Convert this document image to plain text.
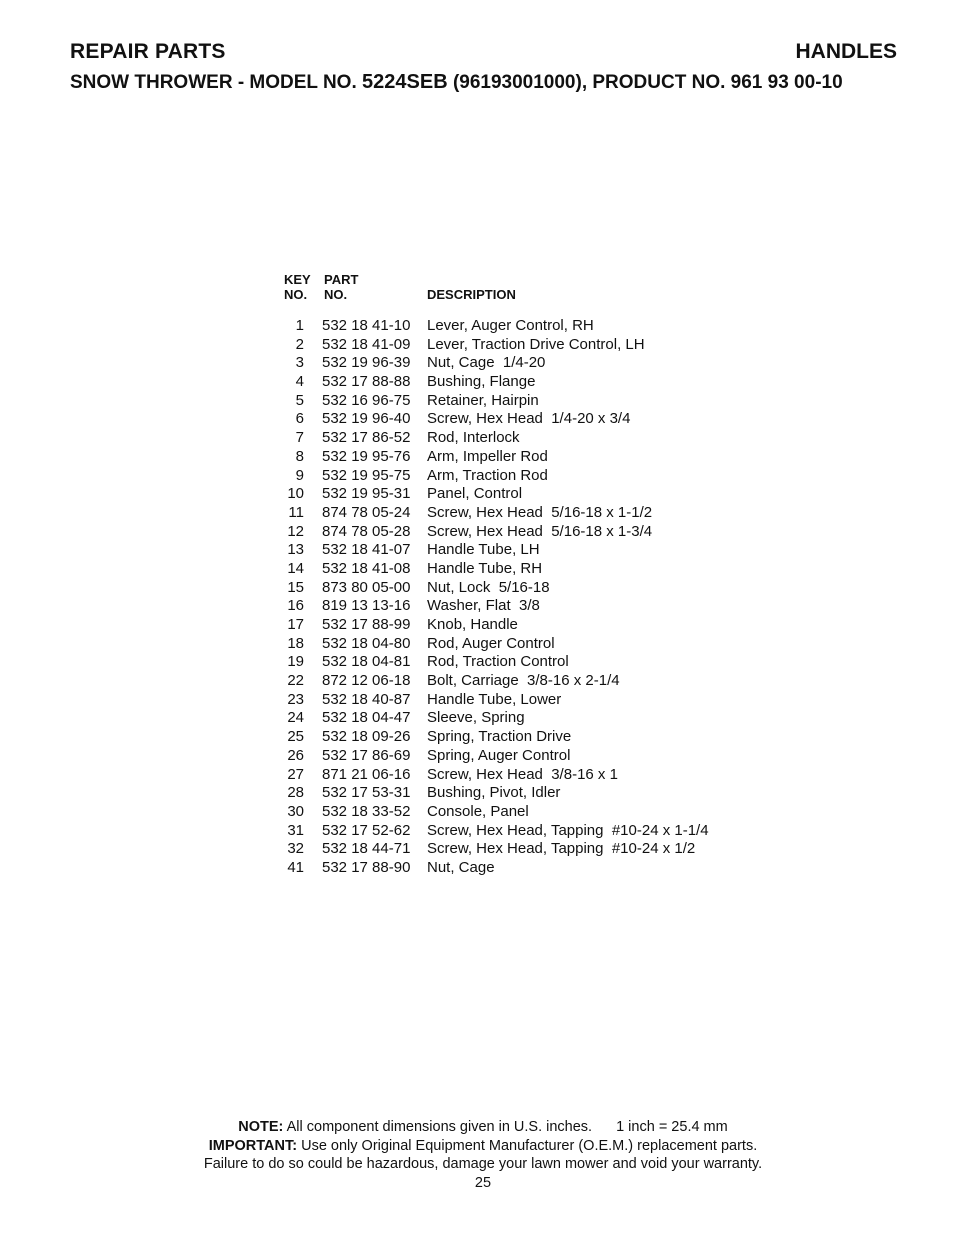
REPAIR PARTS	HANDLES
SNOW THROWER - MODEL NO. 5224SEB (96193001000), PRODUCT NO. 961 93 00-10
KEY
NO.
PART
NO.	DESCRIPTION
1 532 18 41-10 Lever, Auger Control, RH
2 532 18 41-09 Lever, Traction Drive Control, LH
3 532 19 96-39 Nut, Cage  1/4-20
4 532 17 88-88 Bushing, Flange
5 532 16 96-75 Retainer, Hairpin
6 532 19 96-40 Screw, Hex Head  1/4-20 x 3/4
7 532 17 86-52 Rod, Interlock
8 532 19 95-76 Arm, Impeller Rod
9 532 19 95-75 Arm, Traction Rod
10 532 19 95-31 Panel, Control
11 874 78 05-24 Screw, Hex Head  5/16-18 x 1-1/2
12 874 78 05-28 Screw, Hex Head  5/16-18 x 1-3/4
13 532 18 41-07 Handle Tube, LH
14 532 18 41-08 Handle Tube, RH
15 873 80 05-00 Nut, Lock  5/16-18
16 819 13 13-16 Washer, Flat  3/8
17 532 17 88-99 Knob, Handle
18 532 18 04-80 Rod, Auger Control
19 532 18 04-81 Rod, Traction Control
22 872 12 06-18 Bolt, Carriage  3/8-16 x 2-1/4
23 532 18 40-87 Handle Tube, Lower
24 532 18 04-47 Sleeve, Spring
25 532 18 09-26 Spring, Traction Drive
26 532 17 86-69 Spring, Auger Control
27 871 21 06-16 Screw, Hex Head  3/8-16 x 1
28 532 17 53-31 Bushing, Pivot, Idler
30 532 18 33-52 Console, Panel
31 532 17 52-62 Screw, Hex Head, Tapping  #10-24 x 1-1/4
32 532 18 44-71 Screw, Hex Head, Tapping  #10-24 x 1/2
41 532 17 88-90 Nut, Cage
NOTE: All component dimensions given in U.S. inches. 1 inch = 25.4 mm
IMPORTANT: Use only Original Equipment Manufacturer (O.E.M.) replacement parts.
Failure to do so could be hazardous, damage your lawn mower and void your warranty.
25
